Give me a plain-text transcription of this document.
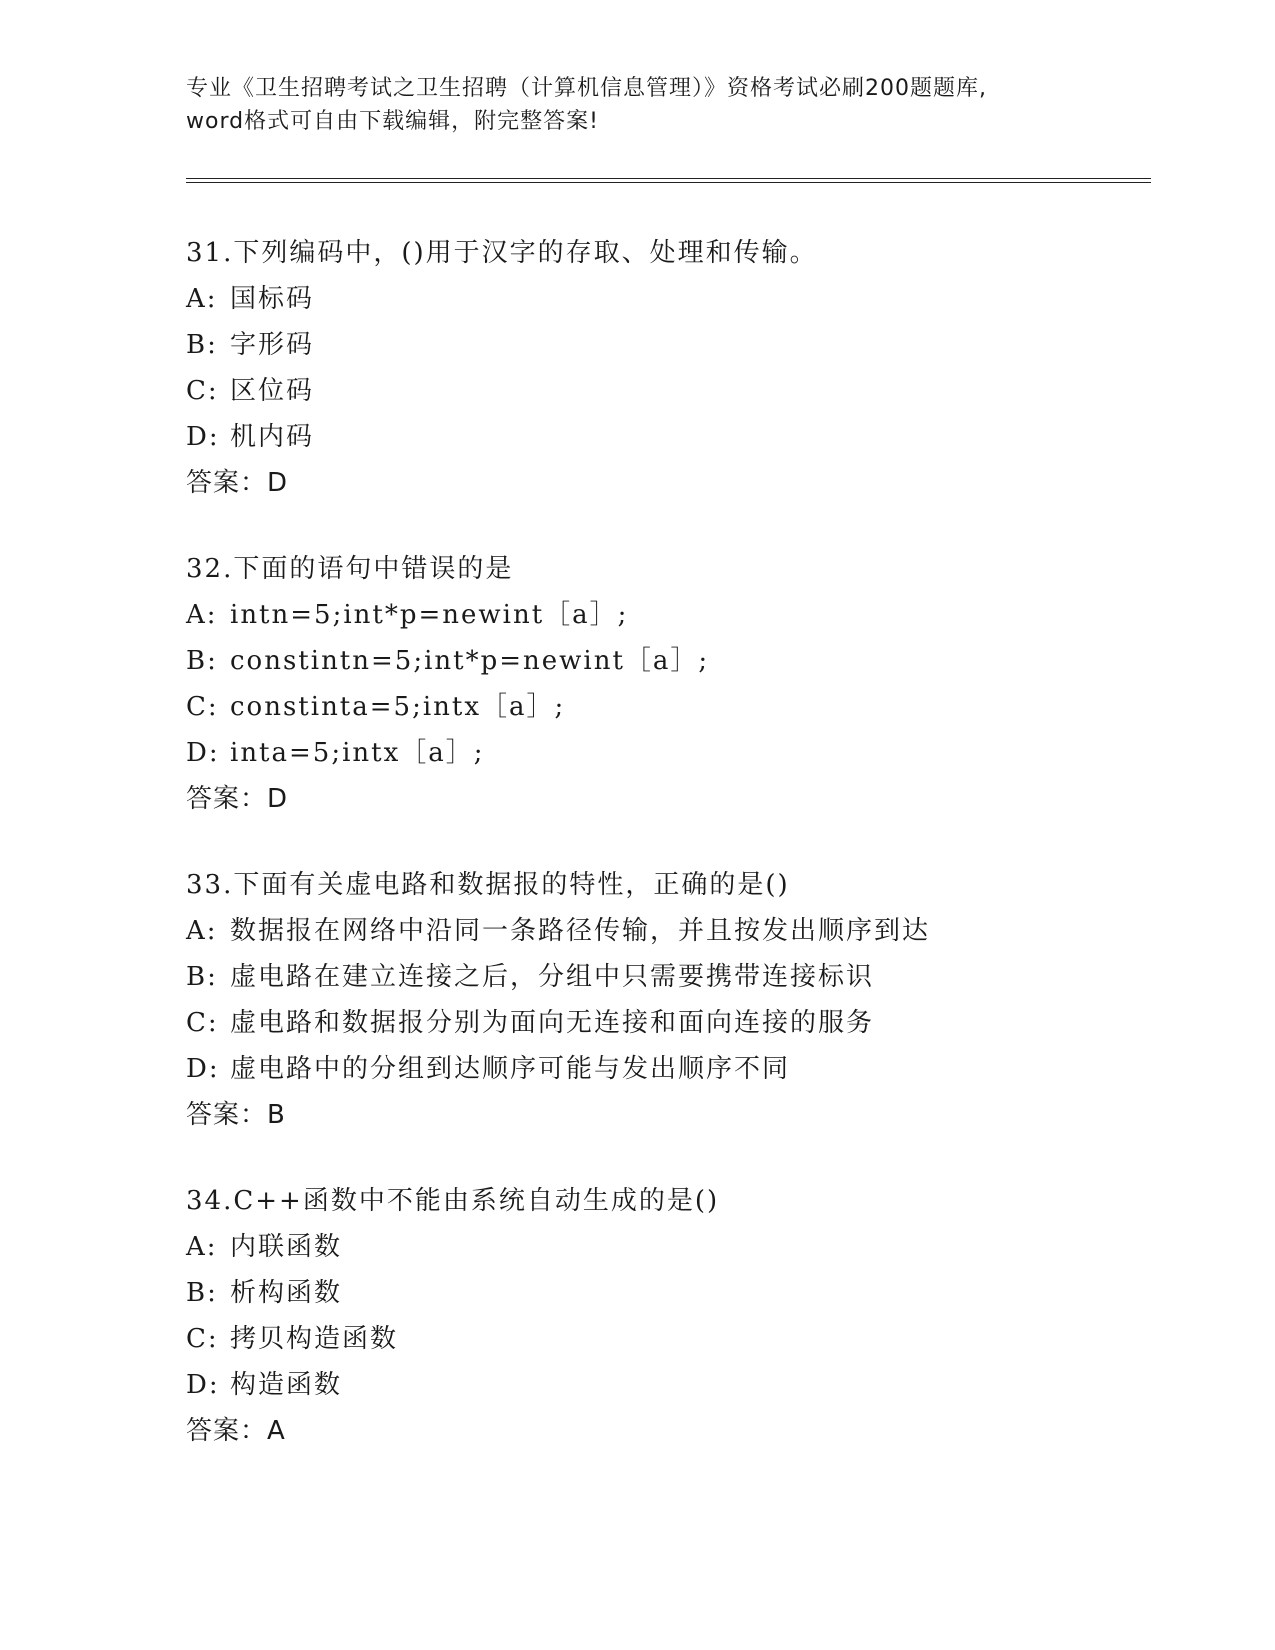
专业《卫生招聘考试之卫生招聘（计算机信息管理）》资格考试必刷200题题库,
word格式可自由下载编辑，附完整答案!
31.下列编码中，()用于汉字的存取、处理和传输。
A: 国标码
B: 字形码
C: 区位码
D: 机内码
答案：D
32.下面的语句中错误的是
A: intn=5;int*p=newint［a］;
B: constintn=5;int*p=newint［a］;
C: constinta=5;intx［a］;
D: inta=5;intx［a］;
答案：D
33.下面有关虚电路和数据报的特性，正确的是()
A: 数据报在网络中沿同一条路径传输，并且按发出顺序到达
B: 虚电路在建立连接之后，分组中只需要携带连接标识
C: 虚电路和数据报分别为面向无连接和面向连接的服务
D: 虚电路中的分组到达顺序可能与发出顺序不同
答案：B
34.C++函数中不能由系统自动生成的是()
A: 内联函数
B: 析构函数
C: 拷贝构造函数
D: 构造函数
答案：A
